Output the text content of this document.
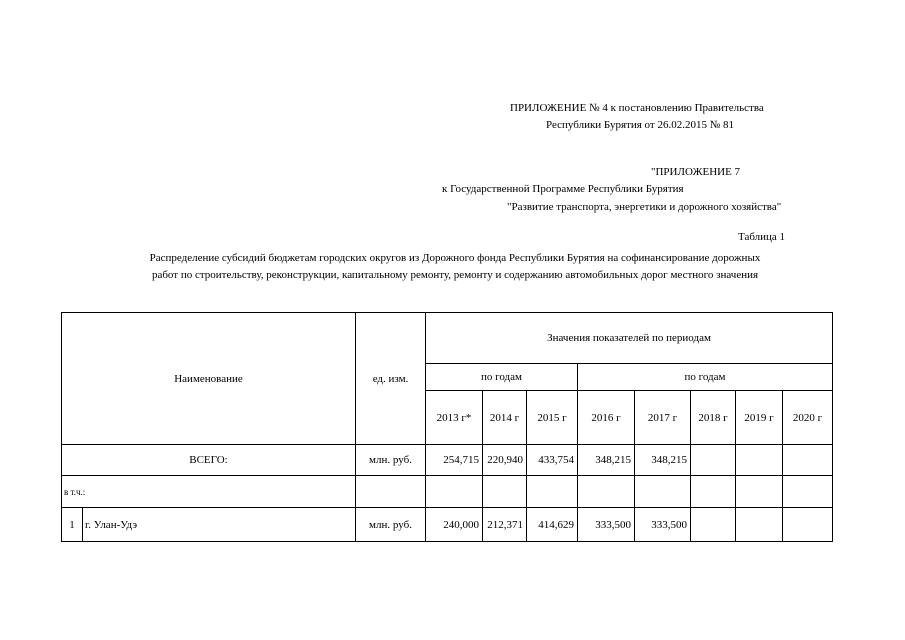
ПРИЛОЖЕНИЕ № 4 к постановлению Правительства
Республики Бурятия от 26.02.2015 № 81
"ПРИЛОЖЕНИЕ 7
к Государственной Программе Республики Бурятия
"Развитие транспорта, энергетики и дорожного хозяйства"
Таблица 1
Распределение субсидий бюджетам городских округов из Дорожного фонда Республики Бурятия на софинансирование дорожных
работ по строительству, реконструкции, капитальному ремонту, ремонту и содержанию автомобильных дорог местного значения
Наименование		ед. изм.	Значения показателей по периодам							
			по годам			по годам				
			2013 г*	2014 г	2015 г	2016 г	2017 г	2018 г	2019 г	2020 г
ВСЕГО:		млн. руб.	254,715	220,940	433,754	348,215	348,215			
в т.ч.:										
1	г. Улан-Удэ	млн. руб.	240,000	212,371	414,629	333,500	333,500			
